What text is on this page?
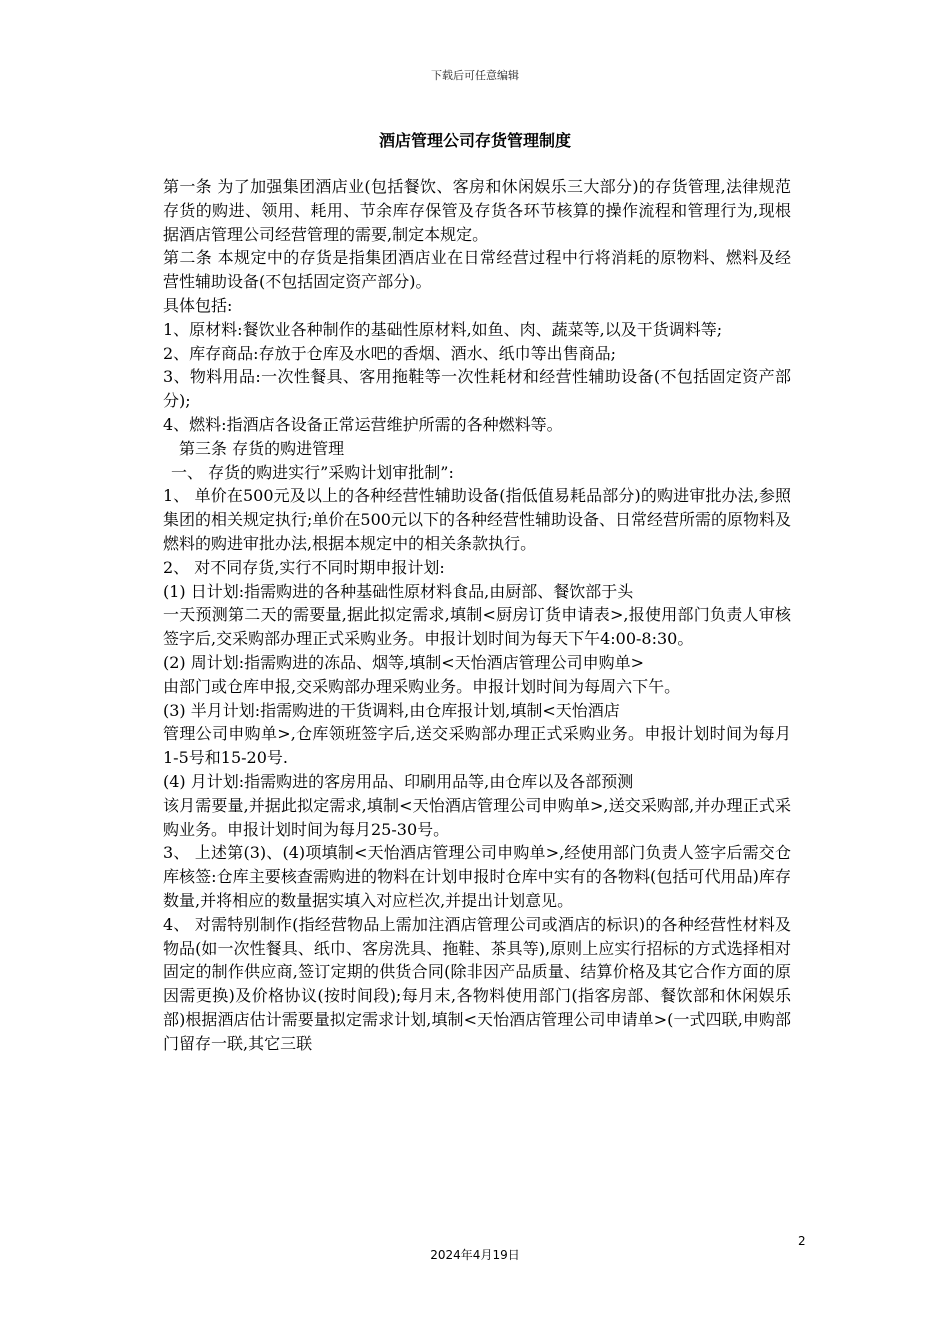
下载后可任意编辑
酒店管理公司存货管理制度

第一条 为了加强集团酒店业(包括餐饮、客房和休闲娱乐三大部分)的存货管理,法律规范存货的购进、领用、耗用、节余库存保管及存货各环节核算的操作流程和管理行为,现根据酒店管理公司经营管理的需要,制定本规定。

第二条 本规定中的存货是指集团酒店业在日常经营过程中行将消耗的原物料、燃料及经营性辅助设备(不包括固定资产部分)。

具体包括:

1、原材料:餐饮业各种制作的基础性原材料,如鱼、肉、蔬菜等,以及干货调料等;

2、库存商品:存放于仓库及水吧的香烟、酒水、纸巾等出售商品;

3、物料用品:一次性餐具、客用拖鞋等一次性耗材和经营性辅助设备(不包括固定资产部分);

4、燃料:指酒店各设备正常运营维护所需的各种燃料等。

第三条 存货的购进管理

一、 存货的购进实行”采购计划审批制”:

1、 单价在500元及以上的各种经营性辅助设备(指低值易耗品部分)的购进审批办法,参照集团的相关规定执行;单价在500元以下的各种经营性辅助设备、日常经营所需的原物料及燃料的购进审批办法,根据本规定中的相关条款执行。

2、 对不同存货,实行不同时期申报计划:

(1) 日计划:指需购进的各种基础性原材料食品,由厨部、餐饮部于头

一天预测第二天的需要量,据此拟定需求,填制<厨房订货申请表>,报使用部门负责人审核签字后,交采购部办理正式采购业务。申报计划时间为每天下午4:00-8:30。

(2) 周计划:指需购进的冻品、烟等,填制<天怡酒店管理公司申购单>

由部门或仓库申报,交采购部办理采购业务。申报计划时间为每周六下午。

(3) 半月计划:指需购进的干货调料,由仓库报计划,填制<天怡酒店

管理公司申购单>,仓库领班签字后,送交采购部办理正式采购业务。申报计划时间为每月1-5号和15-20号.

(4) 月计划:指需购进的客房用品、印刷用品等,由仓库以及各部预测

该月需要量,并据此拟定需求,填制<天怡酒店管理公司申购单>,送交采购部,并办理正式采购业务。申报计划时间为每月25-30号。

3、 上述第(3)、(4)项填制<天怡酒店管理公司申购单>,经使用部门负责人签字后需交仓库核签:仓库主要核查需购进的物料在计划申报时仓库中实有的各物料(包括可代用品)库存数量,并将相应的数量据实填入对应栏次,并提出计划意见。

4、 对需特别制作(指经营物品上需加注酒店管理公司或酒店的标识)的各种经营性材料及物品(如一次性餐具、纸巾、客房洗具、拖鞋、茶具等),原则上应实行招标的方式选择相对固定的制作供应商,签订定期的供货合同(除非因产品质量、结算价格及其它合作方面的原因需更换)及价格协议(按时间段);每月末,各物料使用部门(指客房部、餐饮部和休闲娱乐部)根据酒店估计需要量拟定需求计划,填制<天怡酒店管理公司申请单>(一式四联,申购部门留存一联,其它三联

2
2024年4月19日
